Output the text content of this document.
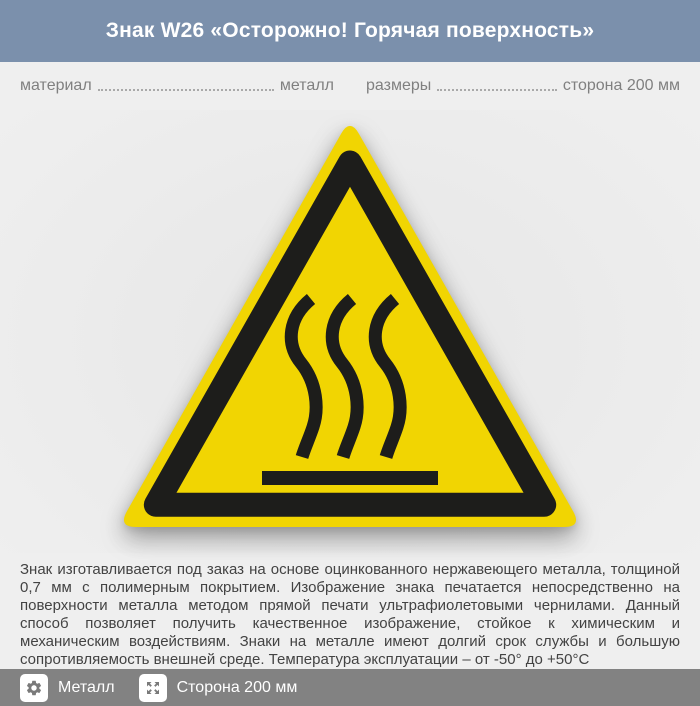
Знак W26 «Осторожно! Горячая поверхность»
материал	металл размеры	сторона 200 мм

Знак изготавливается под заказ на основе оцинкованного нержавеющего металла, толщиной 0,7 мм с полимерным покрытием. Изображение знака печатается непосредственно на поверхности металла методом прямой печати ультрафиолетовыми чернилами. Данный способ позволяет получить качественное изображение, стойкое к химическим и механическим воздействиям. Знаки на металле имеют долгий срок службы и большую сопротивляемость внешней среде. Температура эксплуатации – от -50° до +50°С

Металл	Сторона 200 мм
